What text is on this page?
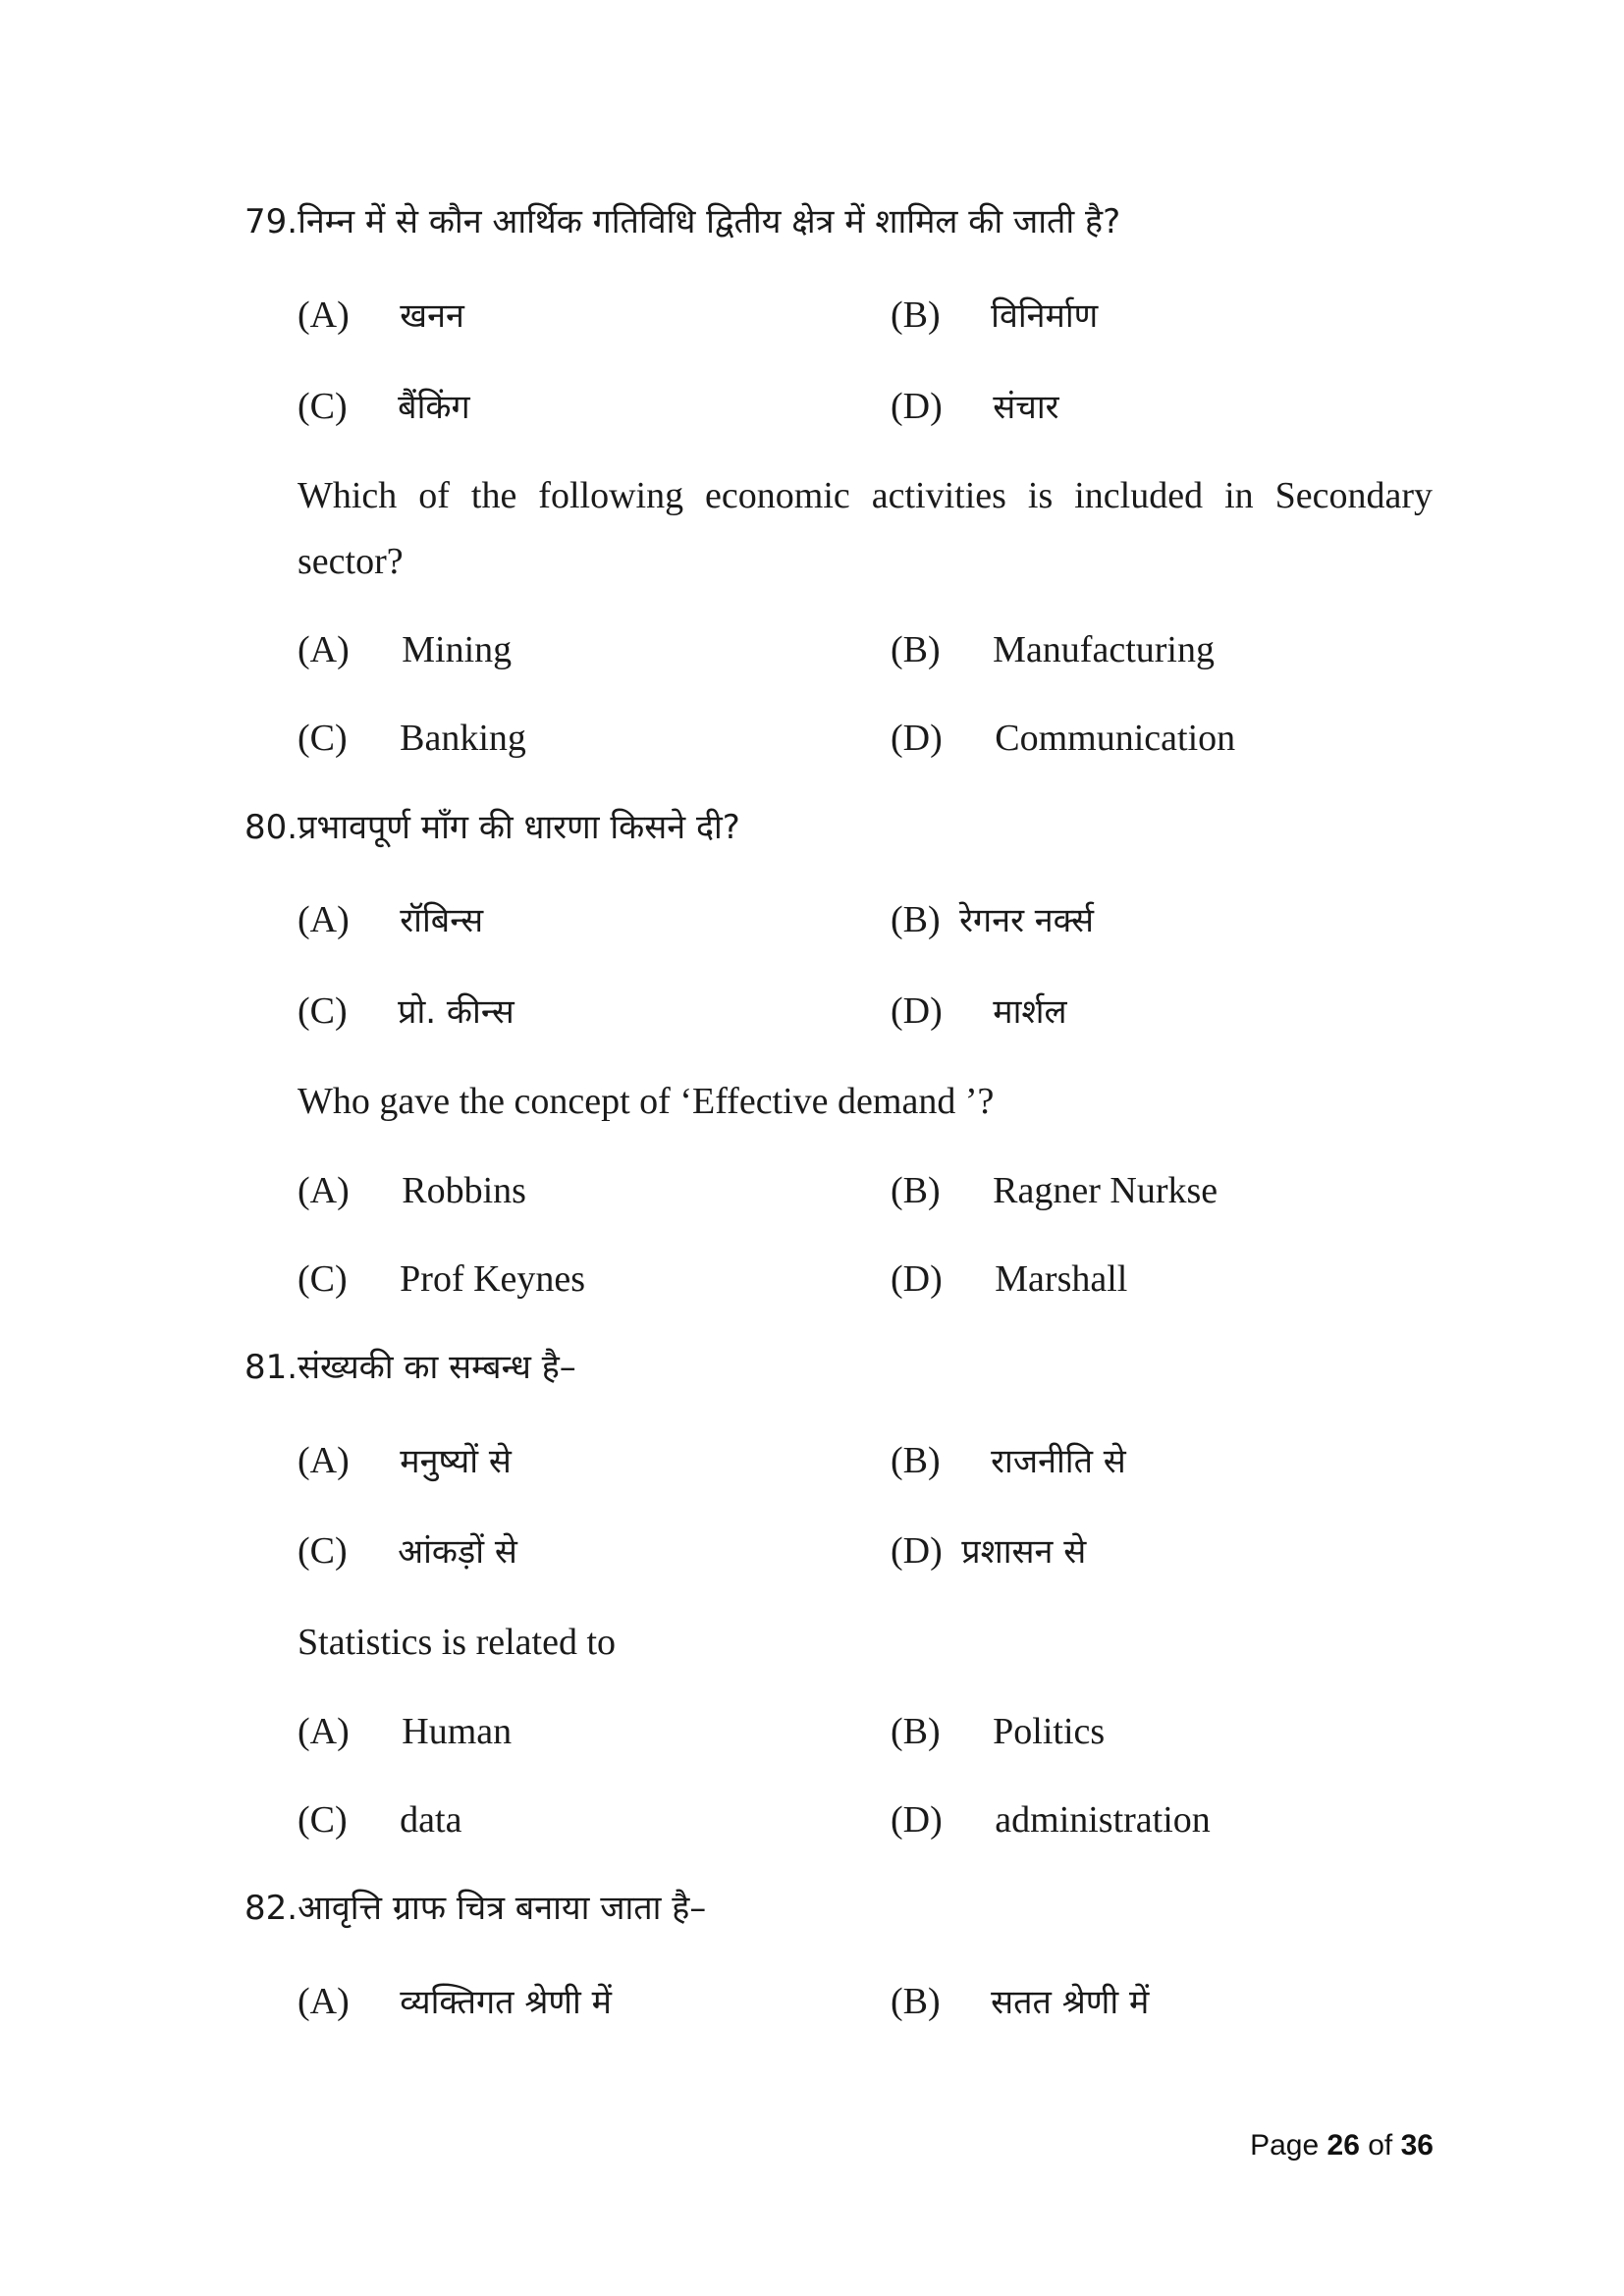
79.निम्न में से कौन आर्थिक गतिविधि द्वितीय क्षेत्र में शामिल की जाती है?
(A) खनन	(B) विनिर्माण
(C) बैंकिंग	(D) संचार
Which of the following economic activities is included in Secondary sector?
(A) Mining	(B) Manufacturing
(C) Banking	(D) Communication
80.प्रभावपूर्ण माँग की धारणा किसने दी?
(A) रॉबिन्स	(B) रेगनर नर्क्स
(C) प्रो. कीन्स	(D) मार्शल
Who gave the concept of ‘Effective demand ’?
(A) Robbins	(B) Ragner Nurkse
(C) Prof Keynes	(D) Marshall
81.संख्यकी का सम्बन्ध है–
(A) मनुष्यों से	(B) राजनीति से
(C) आंकड़ों से	(D) प्रशासन से
Statistics is related to
(A) Human	(B) Politics
(C) data	(D) administration
82.आवृत्ति ग्राफ चित्र बनाया जाता है–
(A) व्यक्तिगत श्रेणी में	(B) सतत श्रेणी में
Page 26 of 36
